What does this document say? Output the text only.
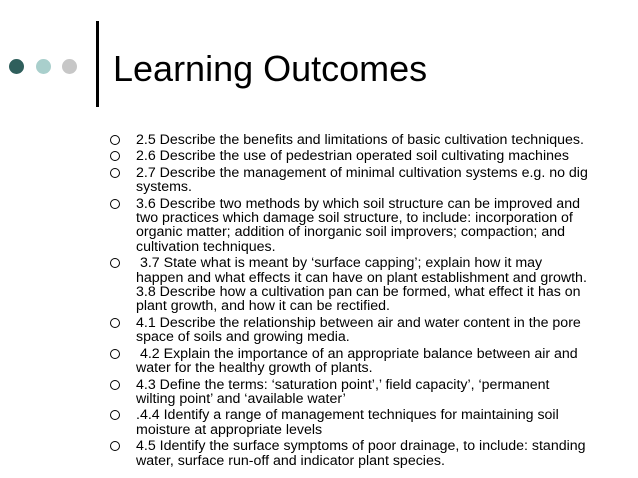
Learning Outcomes
2.5 Describe the benefits and limitations of basic cultivation techniques.
2.6 Describe the use of pedestrian operated soil cultivating machines
2.7 Describe the management of minimal cultivation systems e.g. no dig
systems.
3.6 Describe two methods by which soil structure can be improved and
two practices which damage soil structure, to include: incorporation of
organic matter; addition of inorganic soil improvers; compaction; and
cultivation techniques.
3.7 State what is meant by ‘surface capping’; explain how it may
happen and what effects it can have on plant establishment and growth.
3.8 Describe how a cultivation pan can be formed, what effect it has on
plant growth, and how it can be rectified.
4.1 Describe the relationship between air and water content in the pore
space of soils and growing media.
4.2 Explain the importance of an appropriate balance between air and
water for the healthy growth of plants.
4.3 Define the terms: ‘saturation point’,’ field capacity’, ‘permanent
wilting point’ and ‘available water’
.4.4 Identify a range of management techniques for maintaining soil
moisture at appropriate levels
4.5 Identify the surface symptoms of poor drainage, to include: standing
water, surface run-off and indicator plant species.
